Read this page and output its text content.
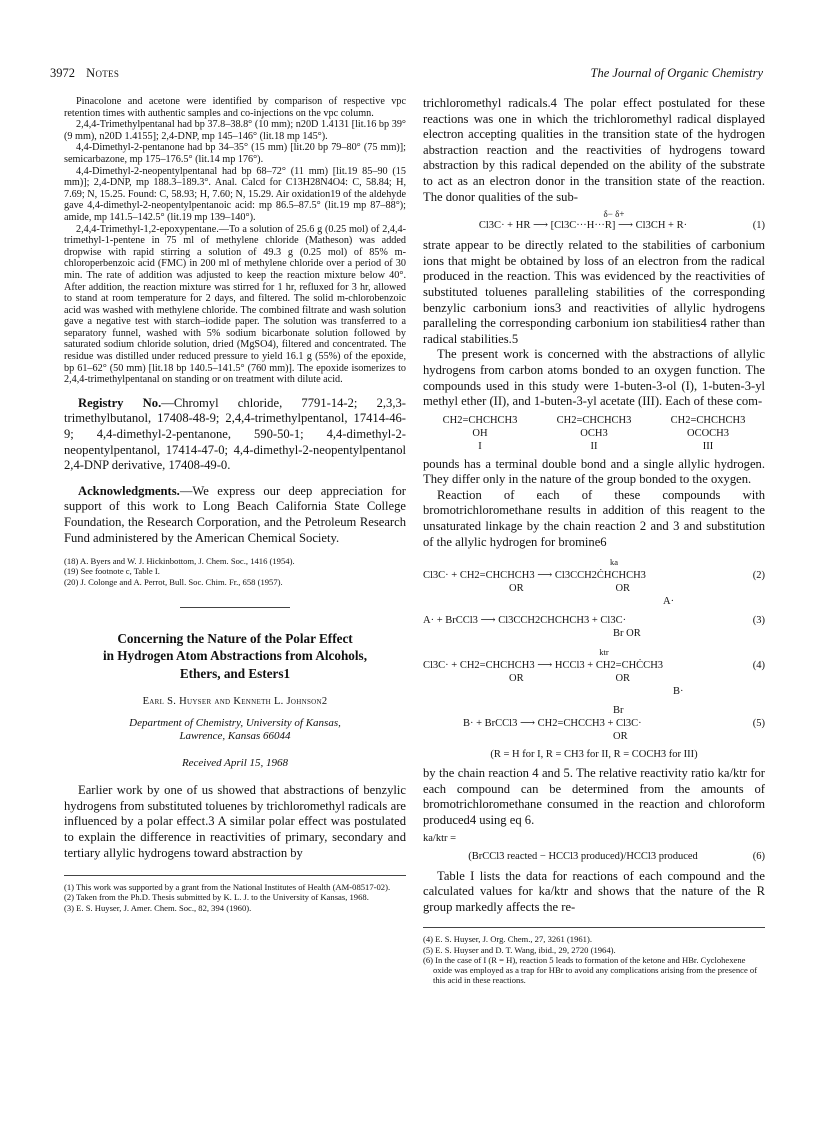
3972 Notes	The Journal of Organic Chemistry

Pinacolone and acetone were identified by comparison of respective vpc retention times with authentic samples and co-injections on the vpc column.

2,4,4-Trimethylpentanal had bp 37.8–38.8° (10 mm); n20D 1.4131 [lit.16 bp 39° (9 mm), n20D 1.4155]; 2,4-DNP, mp 145–146° (lit.18 mp 145°).

4,4-Dimethyl-2-pentanone had bp 34–35° (15 mm) [lit.20 bp 79–80° (75 mm)]; semicarbazone, mp 175–176.5° (lit.14 mp 176°).

4,4-Dimethyl-2-neopentylpentanal had bp 68–72° (11 mm) [lit.19 85–90 (15 mm)]; 2,4-DNP, mp 188.3–189.3°. Anal. Calcd for C13H28N4O4: C, 58.84; H, 7.69; N, 15.25. Found: C, 58.93; H, 7.60; N, 15.29. Air oxidation19 of the aldehyde gave 4,4-dimethyl-2-neopentylpentanoic acid: mp 86.5–87.5° (lit.19 mp 87–88°); amide, mp 141.5–142.5° (lit.19 mp 139–140°).

2,4,4-Trimethyl-1,2-epoxypentane.—To a solution of 25.6 g (0.25 mol) of 2,4,4-trimethyl-1-pentene in 75 ml of methylene chloride (Matheson) was added dropwise with rapid stirring a solution of 49.3 g (0.25 mol) of 85% m-chloroperbenzoic acid (FMC) in 200 ml of methylene chloride over a period of 30 min. The rate of addition was adjusted to keep the reaction mixture below 40°. After addition, the reaction mixture was stirred for 1 hr, refluxed for 3 hr, allowed to stand at room temperature for 2 days, and filtered. The solid m-chlorobenzoic acid was washed with methylene chloride. The combined filtrate and wash solution gave a negative test with starch–iodide paper. The solution was transferred to a separatory funnel, washed with 5% sodium bicarbonate solution followed by saturated sodium chloride solution, dried (MgSO4), filtered and concentrated. The residue was distilled under reduced pressure to yield 16.1 g (55%) of the epoxide, bp 61–62° (50 mm) [lit.18 bp 140.5–141.5° (760 mm)]. The epoxide isomerizes to 2,4,4-trimethylpentanal on standing or on treatment with dilute acid.

Registry No.—Chromyl chloride, 7791-14-2; 2,3,3-trimethylbutanol, 17408-48-9; 2,4,4-trimethylpentanol, 17414-46-9; 4,4-dimethyl-2-pentanone, 590-50-1; 4,4-dimethyl-2-neopentylpentanol, 17414-47-0; 4,4-dimethyl-2-neopentylpentanol 2,4-DNP derivative, 17408-49-0.

Acknowledgments.—We express our deep appreciation for support of this work to Long Beach California State College Foundation, the Research Corporation, and the Petroleum Research Fund administered by the American Chemical Society.

(18) A. Byers and W. J. Hickinbottom, J. Chem. Soc., 1416 (1954).
(19) See footnote c, Table I.
(20) J. Colonge and A. Perrot, Bull. Soc. Chim. Fr., 658 (1957).
Concerning the Nature of the Polar Effect
in Hydrogen Atom Abstractions from Alcohols,
Ethers, and Esters1
Earl S. Huyser and Kenneth L. Johnson2
Department of Chemistry, University of Kansas,
Lawrence, Kansas 66044
Received April 15, 1968

Earlier work by one of us showed that abstractions of benzylic hydrogens from substituted toluenes by trichloromethyl radicals are influenced by a polar effect.3 A similar polar effect was postulated to explain the difference in reactivities of primary, secondary and tertiary allylic hydrogens toward abstraction by

(1) This work was supported by a grant from the National Institutes of Health (AM-08517-02).
(2) Taken from the Ph.D. Thesis submitted by K. L. J. to the University of Kansas, 1968.
(3) E. S. Huyser, J. Amer. Chem. Soc., 82, 394 (1960).

trichloromethyl radicals.4 The polar effect postulated for these reactions was one in which the trichloromethyl radical displayed electron accepting qualities in the transition state of the hydrogen abstraction reaction and the reactivities of hydrogens toward abstraction by this radical depended on the ability of the substrate to act as an electron donor in the transition state of the reaction. The donor qualities of the sub-

δ− δ+
Cl3C· + HR ⟶ [Cl3C···H···R] ⟶ Cl3CH + R·	(1)

strate appear to be directly related to the stabilities of carbonium ions that might be obtained by loss of an electron from the radical produced in the reaction. This was evidenced by the reactivities of substituted toluenes paralleling stabilities of the corresponding benzylic carbonium ions3 and reactivities of allylic hydrogens paralleling the corresponding carbonium ion stabilities4 rather than radical stabilities.5

The present work is concerned with the abstractions of allylic hydrogens from carbon atoms bonded to an oxygen function. The compounds used in this study were 1-buten-3-ol (I), 1-buten-3-yl methyl ether (II), and 1-buten-3-yl acetate (III). Each of these com-

CH2=CHCHCH3
OH
I
CH2=CHCHCH3
OCH3
II
CH2=CHCHCH3
OCOCH3
III

pounds has a terminal double bond and a single allylic hydrogen. They differ only in the nature of the group bonded to the oxygen.

Reaction of each of these compounds with bromotrichloromethane results in addition of this reagent to the unsaturated linkage by the chain reaction 2 and 3 and substitution of the allylic hydrogen for bromine6

ka
Cl3C· + CH2=CHCHCH3 ⟶ Cl3CCH2ĊHCHCH3	(2)
OR                                   OR
A·
A· + BrCCl3 ⟶ Cl3CCH2CHCHCH3 + Cl3C·	(3)
Br OR
ktr
Cl3C· + CH2=CHCHCH3 ⟶ HCCl3 + CH2=CHĊCH3	(4)
OR                                   OR
B·
Br
B· + BrCCl3 ⟶ CH2=CHCCH3 + Cl3C·	(5)
OR
(R = H for I, R = CH3 for II, R = COCH3 for III)

by the chain reaction 4 and 5. The relative reactivity ratio ka/ktr for each compound can be determined from the amounts of bromotrichloromethane consumed in the reaction and chloroform produced4 using eq 6.

ka/ktr =
(BrCCl3 reacted − HCCl3 produced)/HCCl3 produced	(6)

Table I lists the data for reactions of each compound and the calculated values for ka/ktr and shows that the nature of the R group markedly affects the re-

(4) E. S. Huyser, J. Org. Chem., 27, 3261 (1961).
(5) E. S. Huyser and D. T. Wang, ibid., 29, 2720 (1964).
(6) In the case of I (R = H), reaction 5 leads to formation of the ketone and HBr. Cyclohexene oxide was employed as a trap for HBr to avoid any complications arising from the presence of this acid in these reactions.
